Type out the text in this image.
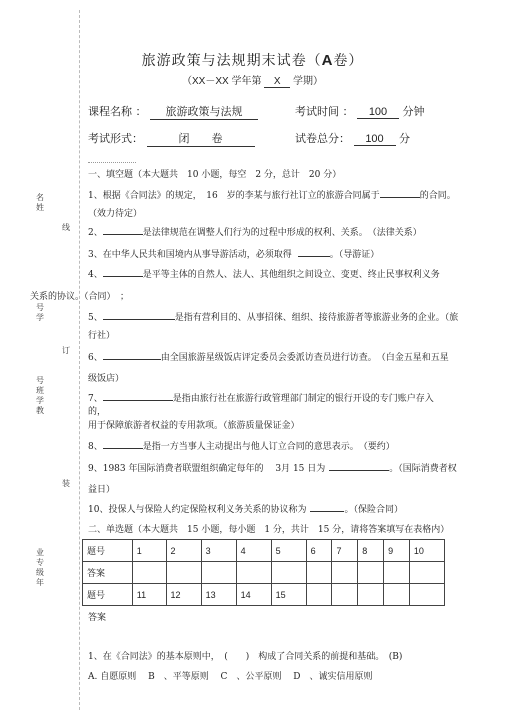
名
姓
线
号
学
订
号
班
学
教
装
业
专
级
年
旅游政策与法规期末试卷（A卷）
（XX－XX 学年第 X 学期）
课程名称 ： 旅游政策与法规	考试时间 ： 100 分钟
考试形式：	闭　　卷	试卷总分： 100 分
一、填空题（本大题共　10 小题，每空　2 分，总计　20 分）
1、根据《合同法》的规定，　16　岁的李某与旅行社订立的旅游合同属于	的合同。
（效力待定）
2、	是法律规范在调整人们行为的过程中形成的权利、关系。　（法律关系）
3、在中华人民共和国境内从事导游活动，必须取得	。（导游证）
4、	是平等主体的自然人、法人、其他组织之间设立、变更、终止民事权利义务
关系的协议。（合同）　；
5、	是指有营利目的、从事招徕、组织、接待旅游者等旅游业务的企业。（旅
行社）
6、	由全国旅游星级饭店评定委员会委派访查员进行访查。　（白金五星和五星
级饭店）
7、	是指由旅行社在旅游行政管理部门制定的银行开设的专门账户存入
的，
用于保障旅游者权益的专用款项。（旅游质量保证金）
8、	是指一方当事人主动提出与他人订立合同的意思表示。　（要约）
9、1983 年国际消费者联盟组织确定每年的　 3月 15 日为	。（国际消费者权
益日）
10、投保人与保险人约定保险权利义务关系的协议称为	。（保险合同）
二、单选题（本大题共　15 小题，每小题　1 分，共计　15 分，请将答案填写在表格内）
题号	1	2	3	4	5	6	7	8	9	10
答案										
题号	11	12	13	14	15					
答案
1、在《合同法》的基本原则中，　(　　)　构成了合同关系的前提和基础。　(B)
A. 自愿原则　 B　、平等原则　 C　、公平原则　 D　、诚实信用原则
